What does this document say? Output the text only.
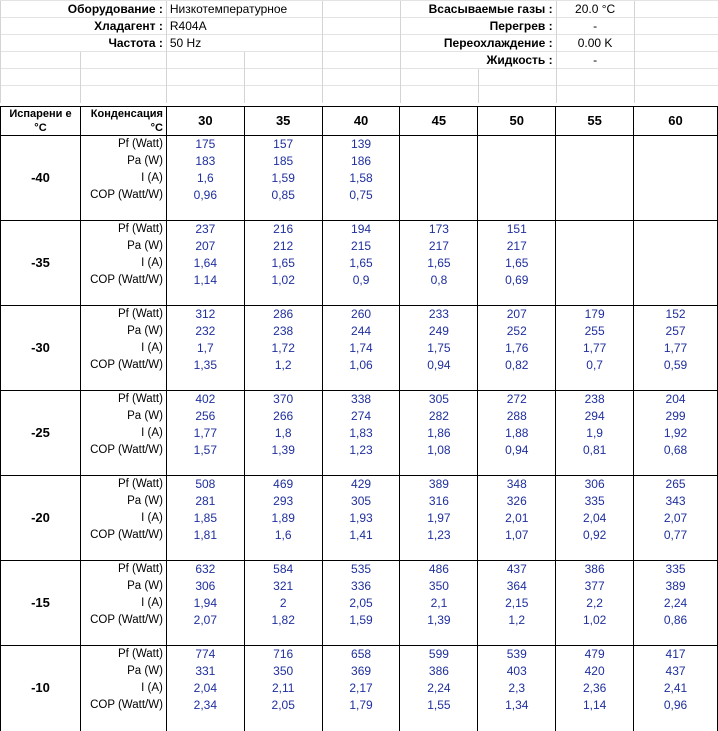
Оборудование :		Низкотемпературное			Всасываемые газы :		20.0 °C	
Хладагент :		R404A			Перегрев :		-	
Частота :		50 Hz			Переохлаждение :		0.00 K	
					Жидкость :		-	

Испарени е °C	Конденсация °C	30	35	40	45	50	55	60
-40	Pf (Watt)	175	157	139				
	Pa (W)	183	185	186				
	I (A)	1,6	1,59	1,58				
	COP (Watt/W)	0,96	0,85	0,75				

-35	Pf (Watt)	237	216	194	173	151		
	Pa (W)	207	212	215	217	217		
	I (A)	1,64	1,65	1,65	1,65	1,65		
	COP (Watt/W)	1,14	1,02	0,9	0,8	0,69		

-30	Pf (Watt)	312	286	260	233	207	179	152
	Pa (W)	232	238	244	249	252	255	257
	I (A)	1,7	1,72	1,74	1,75	1,76	1,77	1,77
	COP (Watt/W)	1,35	1,2	1,06	0,94	0,82	0,7	0,59

-25	Pf (Watt)	402	370	338	305	272	238	204
	Pa (W)	256	266	274	282	288	294	299
	I (A)	1,77	1,8	1,83	1,86	1,88	1,9	1,92
	COP (Watt/W)	1,57	1,39	1,23	1,08	0,94	0,81	0,68

-20	Pf (Watt)	508	469	429	389	348	306	265
	Pa (W)	281	293	305	316	326	335	343
	I (A)	1,85	1,89	1,93	1,97	2,01	2,04	2,07
	COP (Watt/W)	1,81	1,6	1,41	1,23	1,07	0,92	0,77

-15	Pf (Watt)	632	584	535	486	437	386	335
	Pa (W)	306	321	336	350	364	377	389
	I (A)	1,94	2	2,05	2,1	2,15	2,2	2,24
	COP (Watt/W)	2,07	1,82	1,59	1,39	1,2	1,02	0,86

-10	Pf (Watt)	774	716	658	599	539	479	417
	Pa (W)	331	350	369	386	403	420	437
	I (A)	2,04	2,11	2,17	2,24	2,3	2,36	2,41
	COP (Watt/W)	2,34	2,05	1,79	1,55	1,34	1,14	0,96
